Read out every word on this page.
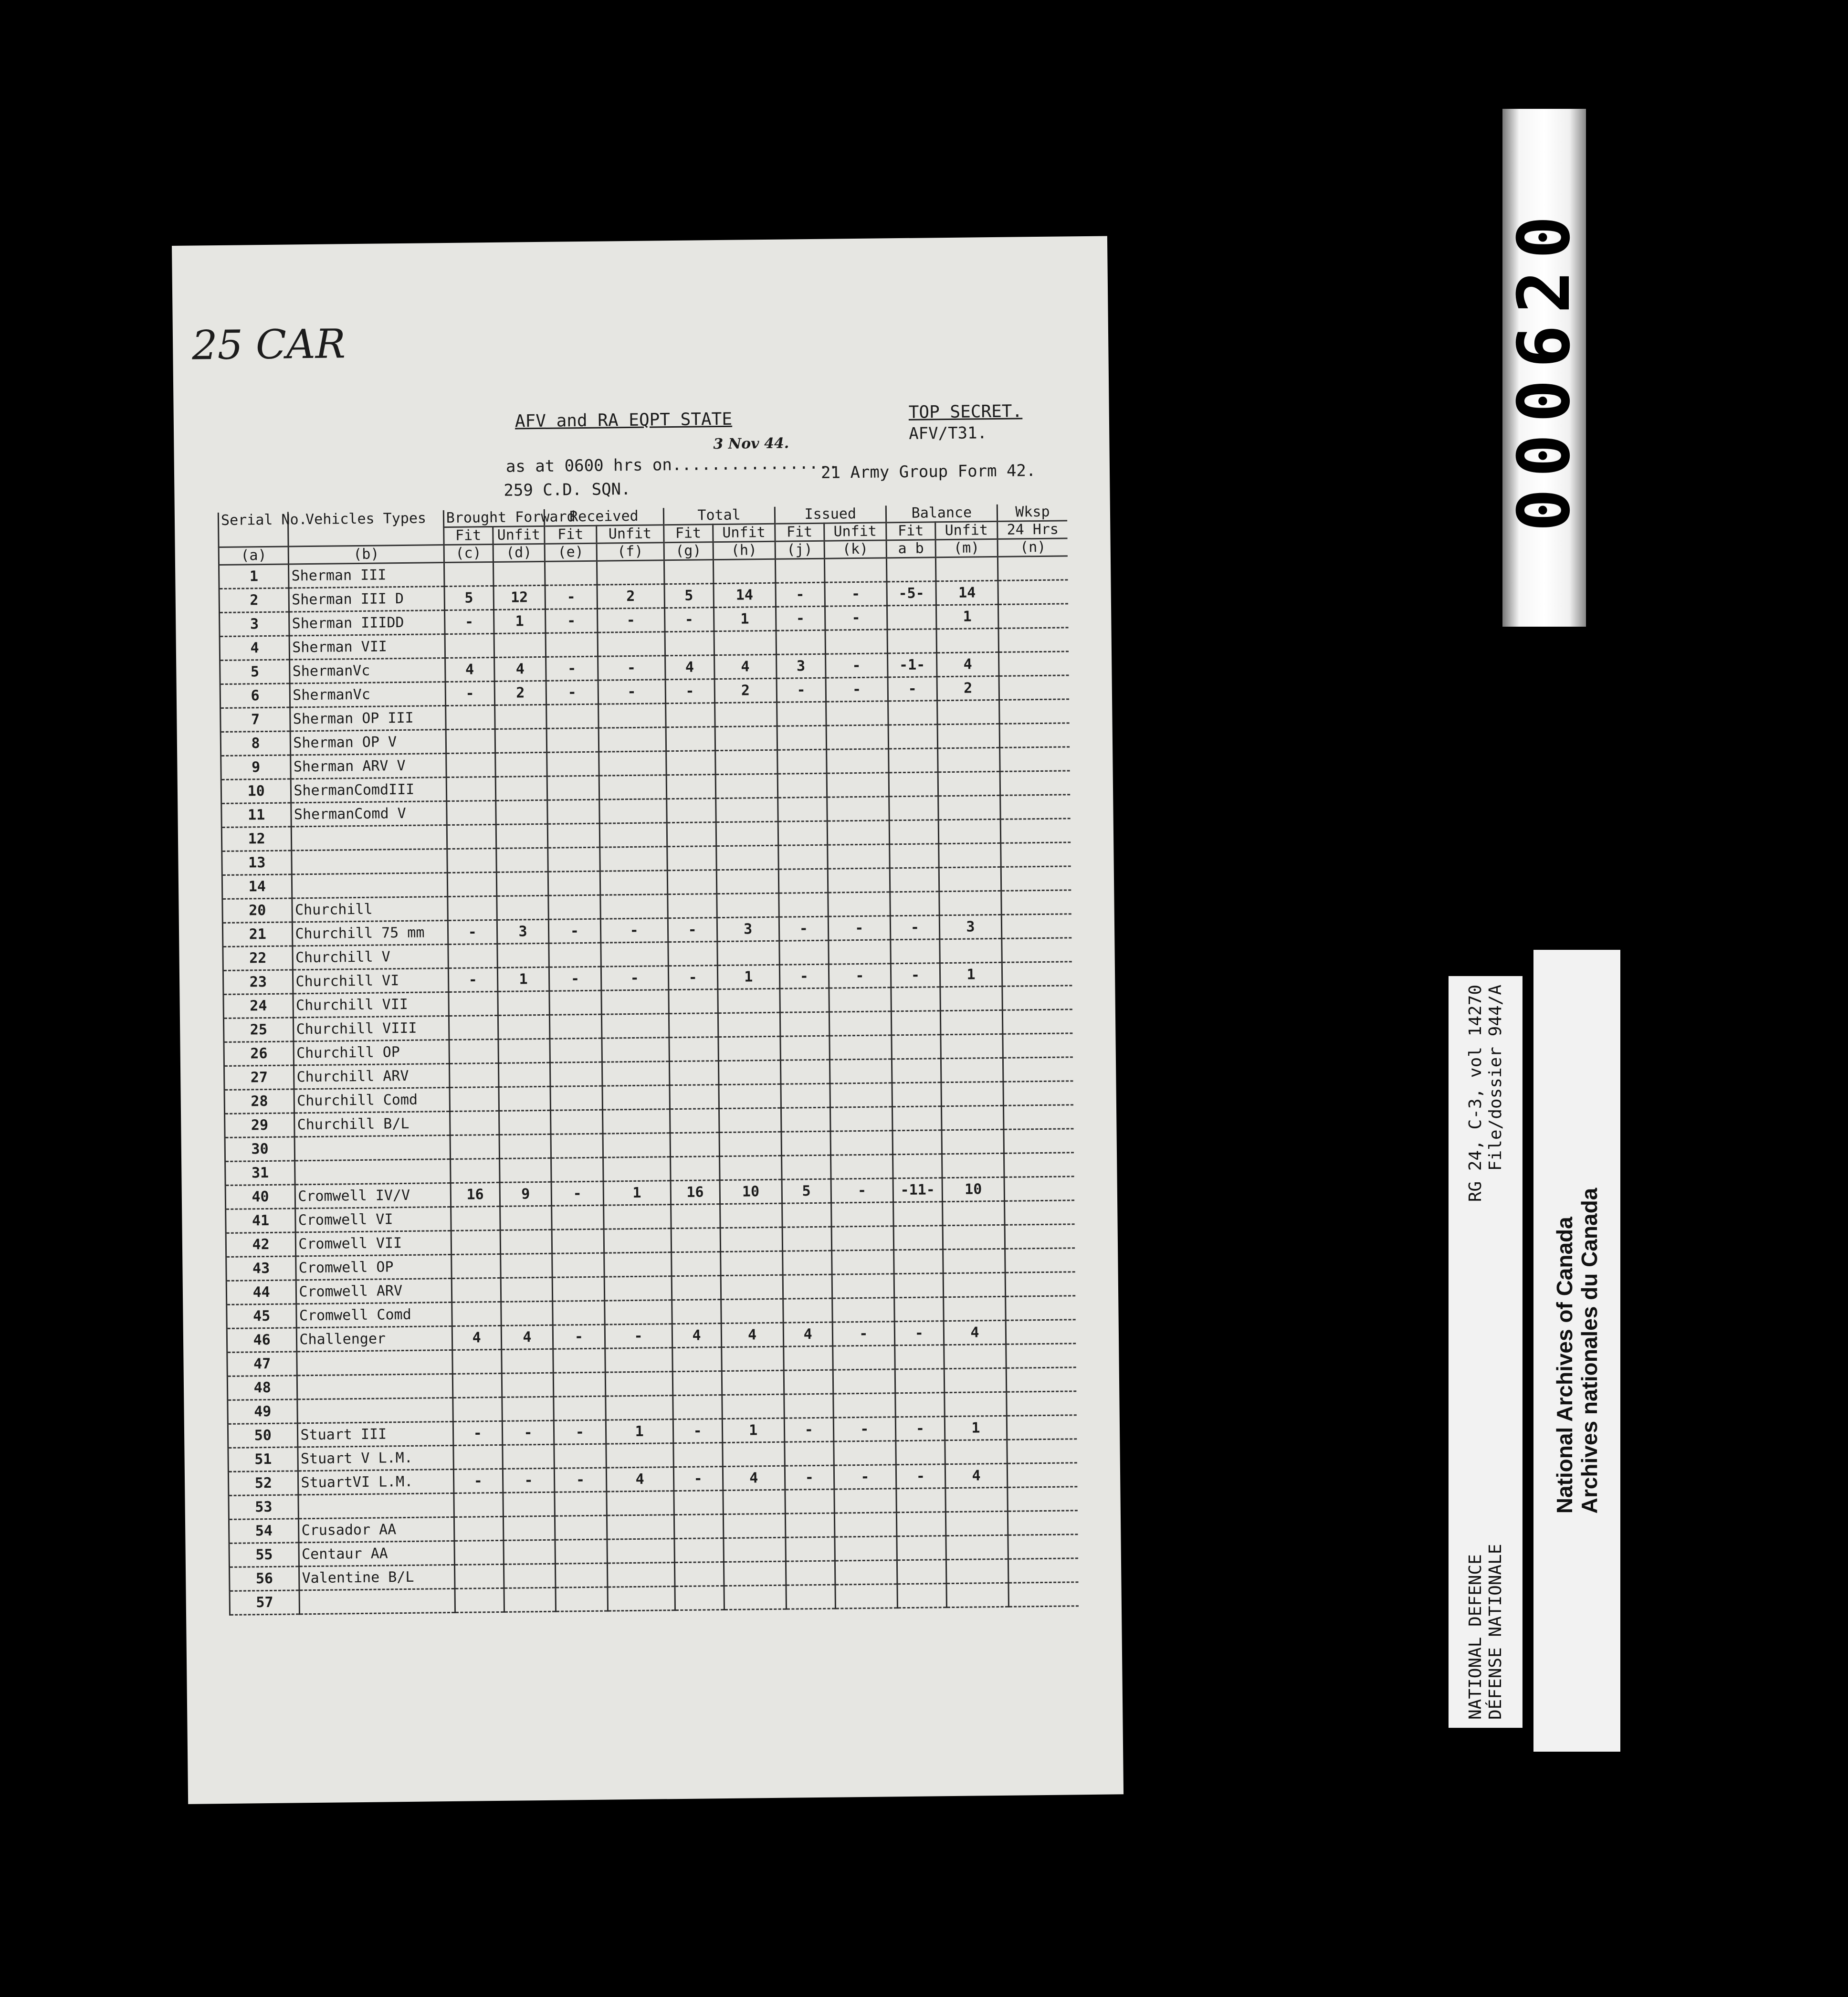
25 CAR
AFV and RA EQPT STATE	TOP SECRET.
AFV/T31.
3 Nov 44.
as at 0600 hrs on.................
21 Army Group Form 42.
259 C.D. SQN.
Serial No.	Vehicles Types	Brought Forward		Received		Total		Issued		Balance		Wksp
		Fit	Unfit	Fit	Unfit	Fit	Unfit	Fit	Unfit	Fit	Unfit	24 Hrs
(a)	(b)	(c)	(d)	(e)	(f)	(g)	(h)	(j)	(k)	a b	(m)	(n)
1	Sherman III											
2	Sherman III D	5	12	-	2	5	14	-	-	-5-	14	
3	Sherman IIIDD	-	1	-	-	-	1	-	-		1	
4	Sherman VII											
5	ShermanVc	4	4	-	-	4	4	3	-	-1-	4	
6	ShermanVc	-	2	-	-	-	2	-	-	-	2	
7	Sherman OP III											
8	Sherman OP V											
9	Sherman ARV V											
10	ShermanComdIII											
11	ShermanComd V											
12												
13												
14												
20	Churchill											
21	Churchill 75 mm	-	3	-	-	-	3	-	-	-	3	
22	Churchill V											
23	Churchill VI	-	1	-	-	-	1	-	-	-	1	
24	Churchill VII											
25	Churchill VIII											
26	Churchill OP											
27	Churchill ARV											
28	Churchill Comd											
29	Churchill B/L											
30												
31												
40	Cromwell IV/V	16	9	-	1	16	10	5	-	-11-	10	
41	Cromwell VI											
42	Cromwell VII											
43	Cromwell OP											
44	Cromwell ARV											
45	Cromwell Comd											
46	Challenger	4	4	-	-	4	4	4	-	-	4	
47												
48												
49												
50	Stuart III	-	-	-	1	-	1	-	-	-	1	
51	Stuart V L.M.											
52	StuartVI L.M.	-	-	-	4	-	4	-	-	-	4	
53												
54	Crusador AA											
55	Centaur AA											
56	Valentine B/L											
57												
000620
NATIONAL DEFENCE
RG 24, C-3, vol 14270
DÉFENSE NATIONALE
File/dossier 944/A
National Archives of Canada Archives nationales du Canada
